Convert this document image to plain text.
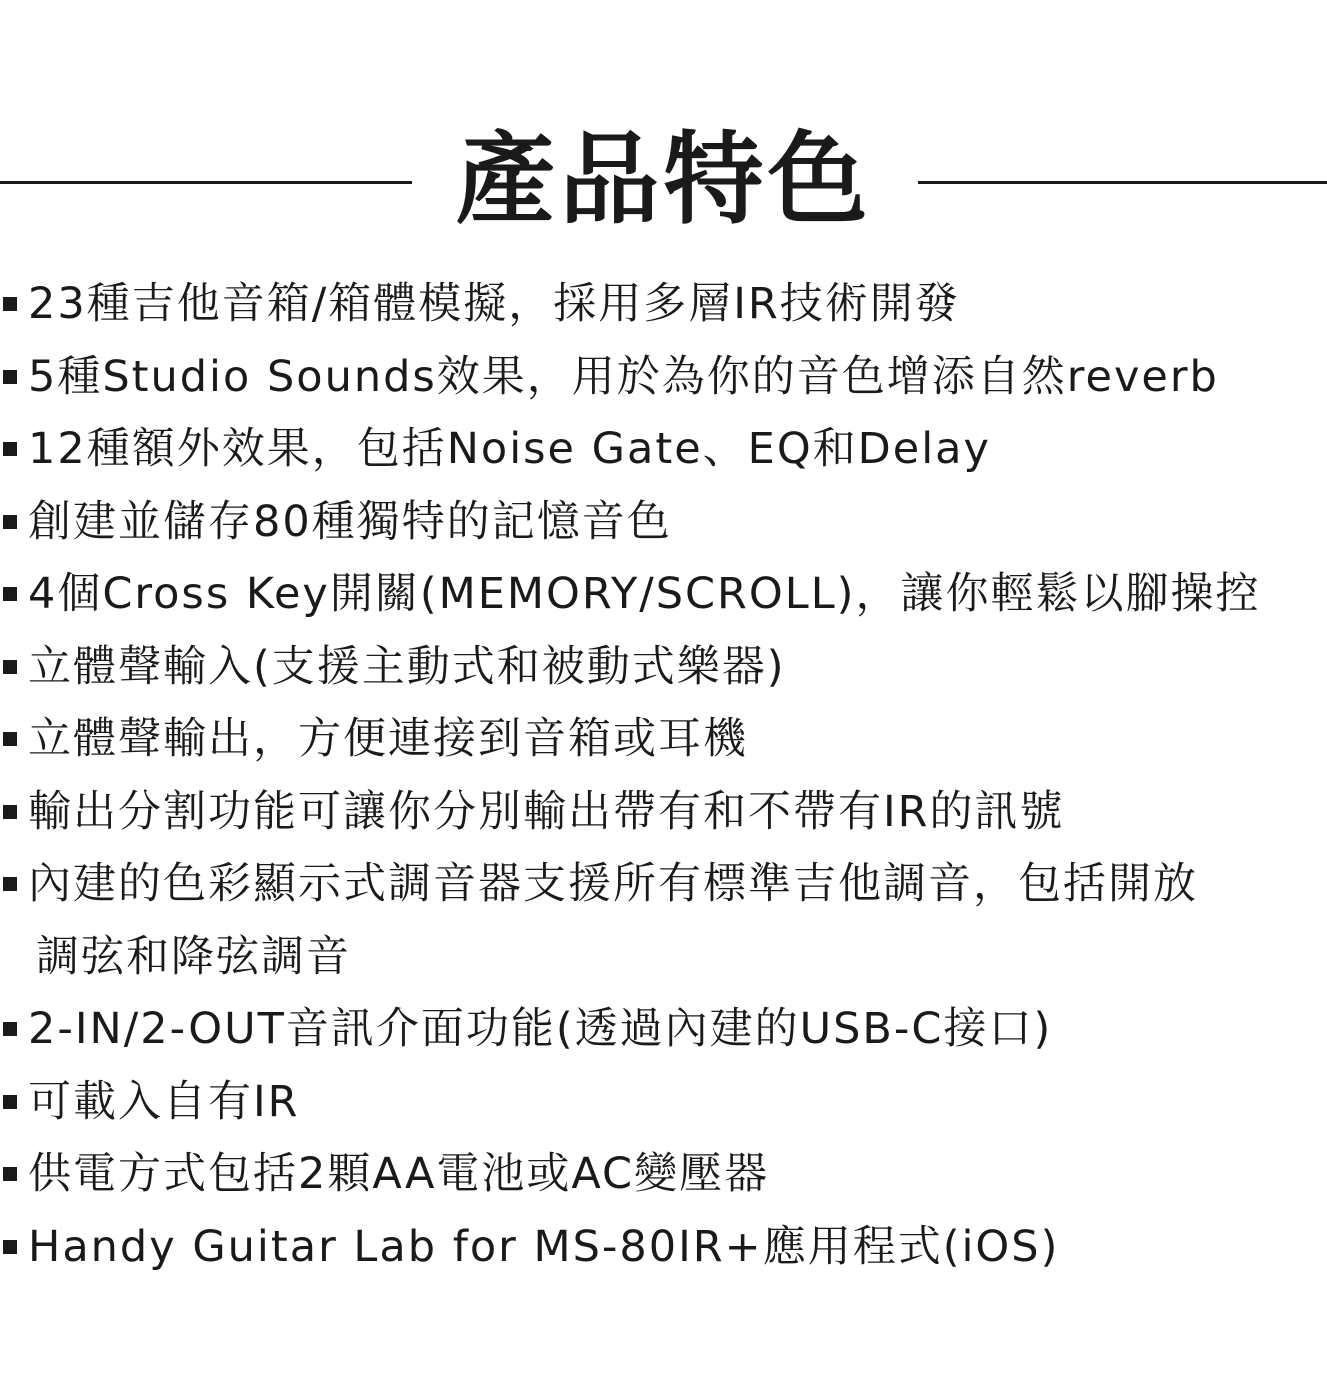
產品特色
23種吉他音箱/箱體模擬，採用多層IR技術開發
5種Studio Sounds效果，用於為你的音色增添自然reverb
12種額外效果，包括Noise Gate、EQ和Delay
創建並儲存80種獨特的記憶音色
4個Cross Key開關(MEMORY/SCROLL)，讓你輕鬆以腳操控
立體聲輸入(支援主動式和被動式樂器)
立體聲輸出，方便連接到音箱或耳機
輸出分割功能可讓你分別輸出帶有和不帶有IR的訊號
內建的色彩顯示式調音器支援所有標準吉他調音，包括開放
調弦和降弦調音
2-IN/2-OUT音訊介面功能(透過內建的USB-C接口)
可載入自有IR
供電方式包括2顆AA電池或AC變壓器
Handy Guitar Lab for MS-80IR+應用程式(iOS)
